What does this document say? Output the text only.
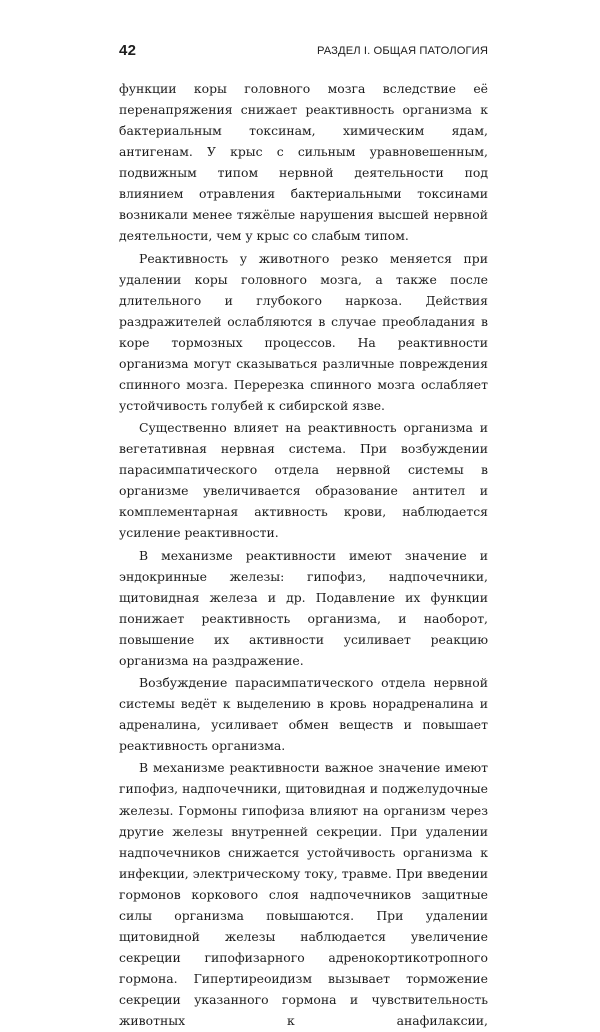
42	РАЗДЕЛ I. ОБЩАЯ ПАТОЛОГИЯ

функции коры головного мозга вследствие её перенапряжения снижает реактивность организма к бактериальным токсинам, химическим ядам, антигенам. У крыс с сильным уравновешенным, подвижным типом нервной деятельности под влиянием отравления бактериальными токсинами возникали менее тяжёлые нарушения высшей нервной деятельности, чем у крыс со слабым типом.

Реактивность у животного резко меняется при удалении коры головного мозга, а также после длительного и глубокого наркоза. Действия раздражителей ослабляются в случае преобладания в коре тормозных процессов. На реактивности организма могут сказываться различные повреждения спинного мозга. Перерезка спинного мозга ослабляет устойчивость голубей к сибирской язве.

Существенно влияет на реактивность организма и вегетативная нервная система. При возбуждении парасимпатического отдела нервной системы в организме увеличивается образование антител и комплементарная активность крови, наблюдается усиление реактивности.

В механизме реактивности имеют значение и эндокринные железы: гипофиз, надпочечники, щитовидная железа и др. Подавление их функции понижает реактивность организма, и наоборот, повышение их активности усиливает реакцию организма на раздражение.

Возбуждение парасимпатического отдела нервной системы ведёт к выделению в кровь норадреналина и адреналина, усиливает обмен веществ и повышает реактивность организма.

В механизме реактивности важное значение имеют гипофиз, надпочечники, щитовидная и поджелудочные железы. Гормоны гипофиза влияют на организм через другие железы внутренней секреции. При удалении надпочечников снижается устойчивость организма к инфекции, электрическому току, травме. При введении гормонов коркового слоя надпочечников защитные силы организма повышаются. При удалении щитовидной железы наблюдается увеличение секреции гипофизарного адренокортикотропного гормона. Гипертиреоидизм вызывает торможение секреции указанного гормона и чувствительность животных к анафилаксии,
